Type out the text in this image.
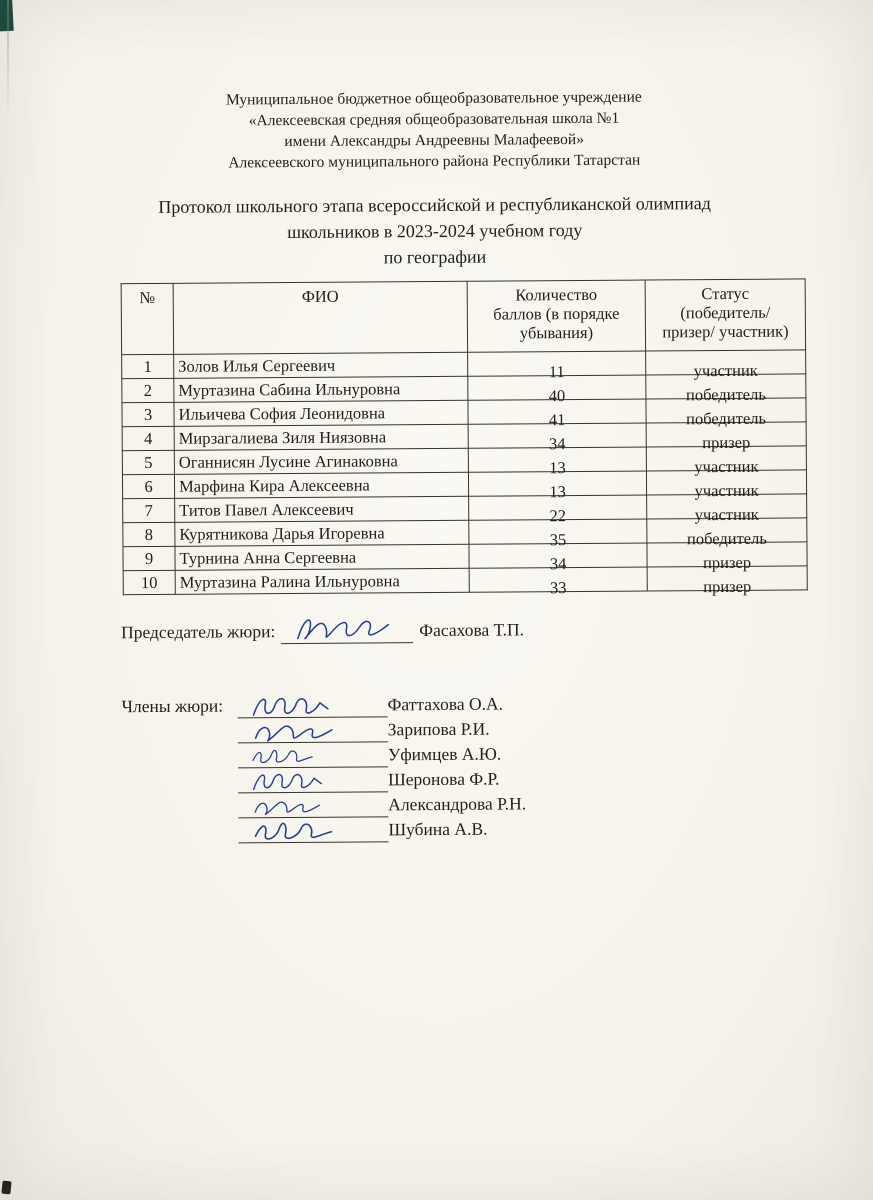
Муниципальное бюджетное общеобразовательное учреждение
«Алексеевская средняя общеобразовательная школа №1
имени Александры Андреевны Малафеевой»
Алексеевского муниципального района Республики Татарстан
Протокол школьного этапа всероссийской и республиканской олимпиад
школьников в 2023-2024 учебном году
по географии
№	ФИО	Количество
баллов (в порядке
убывания)	Статус
(победитель/
призер/ участник)
1	Золов Илья Сергеевич	11	участник
2	Муртазина Сабина Ильнуровна	40	победитель
3	Ильичева София Леонидовна	41	победитель
4	Мирзагалиева Зиля Ниязовна	34	призер
5	Оганнисян Лусине Агинаковна	13	участник
6	Марфина Кира Алексеевна	13	участник
7	Титов Павел Алексеевич	22	участник
8	Курятникова Дарья Игоревна	35	победитель
9	Турнина Анна Сергеевна	34	призер
10	Муртазина Ралина Ильнуровна	33	призер
Председатель жюри:	Фасахова Т.П.
Члены жюри:	Фаттахова О.А.
Зарипова Р.И.
Уфимцев А.Ю.
Шеронова Ф.Р.
Александрова Р.Н.
Шубина А.В.
